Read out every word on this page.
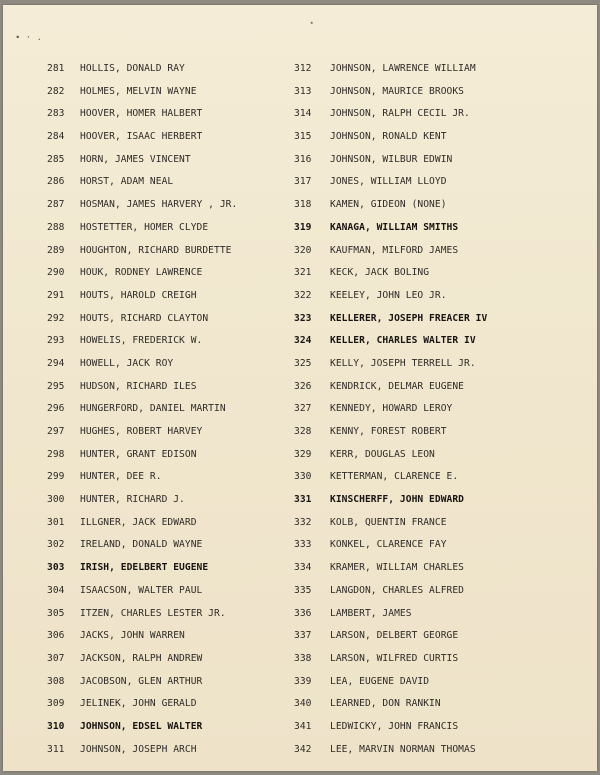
∙ ⋅ .
⋆
281 HOLLIS, DONALD RAY
282 HOLMES, MELVIN WAYNE
283 HOOVER, HOMER HALBERT
284 HOOVER, ISAAC HERBERT
285 HORN, JAMES VINCENT
286 HORST, ADAM NEAL
287 HOSMAN, JAMES HARVERY , JR.
288 HOSTETTER, HOMER CLYDE
289 HOUGHTON, RICHARD BURDETTE
290 HOUK, RODNEY LAWRENCE
291 HOUTS, HAROLD CREIGH
292 HOUTS, RICHARD CLAYTON
293 HOWELIS, FREDERICK W.
294 HOWELL, JACK ROY
295 HUDSON, RICHARD ILES
296 HUNGERFORD, DANIEL MARTIN
297 HUGHES, ROBERT HARVEY
298 HUNTER, GRANT EDISON
299 HUNTER, DEE R.
300 HUNTER, RICHARD J.
301 ILLGNER, JACK EDWARD
302 IRELAND, DONALD WAYNE
303 IRISH, EDELBERT EUGENE
304 ISAACSON, WALTER PAUL
305 ITZEN, CHARLES LESTER JR.
306 JACKS, JOHN WARREN
307 JACKSON, RALPH ANDREW
308 JACOBSON, GLEN ARTHUR
309 JELINEK, JOHN GERALD
310 JOHNSON, EDSEL WALTER
311 JOHNSON, JOSEPH ARCH
312 JOHNSON, LAWRENCE WILLIAM
313 JOHNSON, MAURICE BROOKS
314 JOHNSON, RALPH CECIL JR.
315 JOHNSON, RONALD KENT
316 JOHNSON, WILBUR EDWIN
317 JONES, WILLIAM LLOYD
318 KAMEN, GIDEON (NONE)
319 KANAGA, WILLIAM SMITHS
320 KAUFMAN, MILFORD JAMES
321 KECK, JACK BOLING
322 KEELEY, JOHN LEO JR.
323 KELLERER, JOSEPH FREACER IV
324 KELLER, CHARLES WALTER IV
325 KELLY, JOSEPH TERRELL JR.
326 KENDRICK, DELMAR EUGENE
327 KENNEDY, HOWARD LEROY
328 KENNY, FOREST ROBERT
329 KERR, DOUGLAS LEON
330 KETTERMAN, CLARENCE E.
331 KINSCHERFF, JOHN EDWARD
332 KOLB, QUENTIN FRANCE
333 KONKEL, CLARENCE FAY
334 KRAMER, WILLIAM CHARLES
335 LANGDON, CHARLES ALFRED
336 LAMBERT, JAMES
337 LARSON, DELBERT GEORGE
338 LARSON, WILFRED CURTIS
339 LEA, EUGENE DAVID
340 LEARNED, DON RANKIN
341 LEDWICKY, JOHN FRANCIS
342 LEE, MARVIN NORMAN THOMAS
